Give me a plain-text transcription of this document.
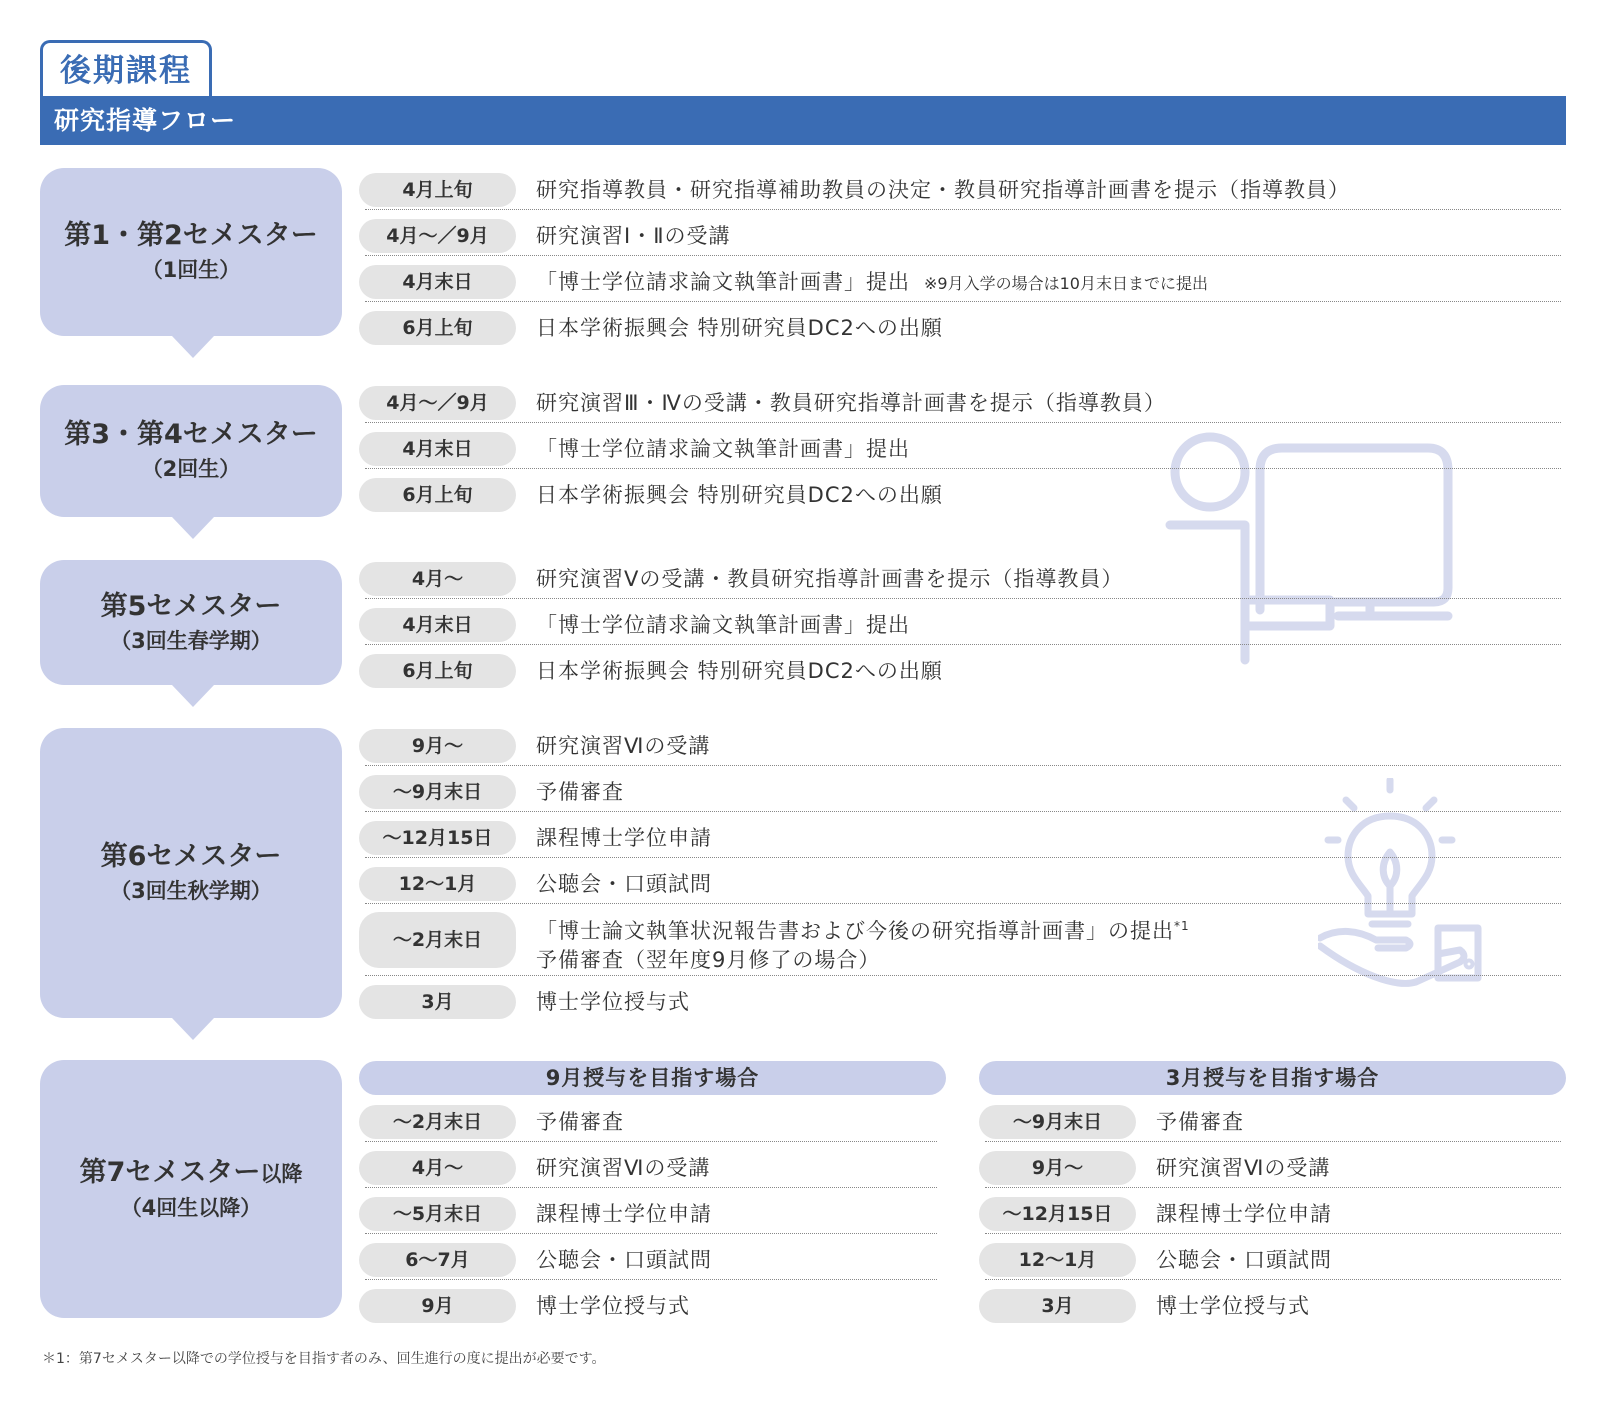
後期課程
研究指導フロー
第1・第2セメスター
（1回生）
4月上旬	研究指導教員・研究指導補助教員の決定・教員研究指導計画書を提示（指導教員）
4月～／9月	研究演習Ⅰ・Ⅱの受講
4月末日	「博士学位請求論文執筆計画書」提出 ※9月入学の場合は10月末日までに提出
6月上旬	日本学術振興会 特別研究員DC2への出願
第3・第4セメスター
（2回生）
4月～／9月	研究演習Ⅲ・Ⅳの受講・教員研究指導計画書を提示（指導教員）
4月末日	「博士学位請求論文執筆計画書」提出
6月上旬	日本学術振興会 特別研究員DC2への出願
第5セメスター
（3回生春学期）
4月～	研究演習Ⅴの受講・教員研究指導計画書を提示（指導教員）
4月末日	「博士学位請求論文執筆計画書」提出
6月上旬	日本学術振興会 特別研究員DC2への出願
第6セメスター
（3回生秋学期）
9月～	研究演習Ⅵの受講
～9月末日	予備審査
～12月15日	課程博士学位申請
12～1月	公聴会・口頭試問
～2月末日	「博士論文執筆状況報告書および今後の研究指導計画書」の提出$^{*1}$
予備審査（翌年度9月修了の場合）
3月	博士学位授与式
第7セメスター以降
（4回生以降）
9月授与を目指す場合	3月授与を目指す場合
～2月末日	予備審査
4月～	研究演習Ⅵの受講
～5月末日	課程博士学位申請
6～7月	公聴会・口頭試問
9月	博士学位授与式
～9月末日	予備審査
9月～	研究演習Ⅵの受講
～12月15日	課程博士学位申請
12～1月	公聴会・口頭試問
3月	博士学位授与式
＊1：第7セメスター以降での学位授与を目指す者のみ、回生進行の度に提出が必要です。
